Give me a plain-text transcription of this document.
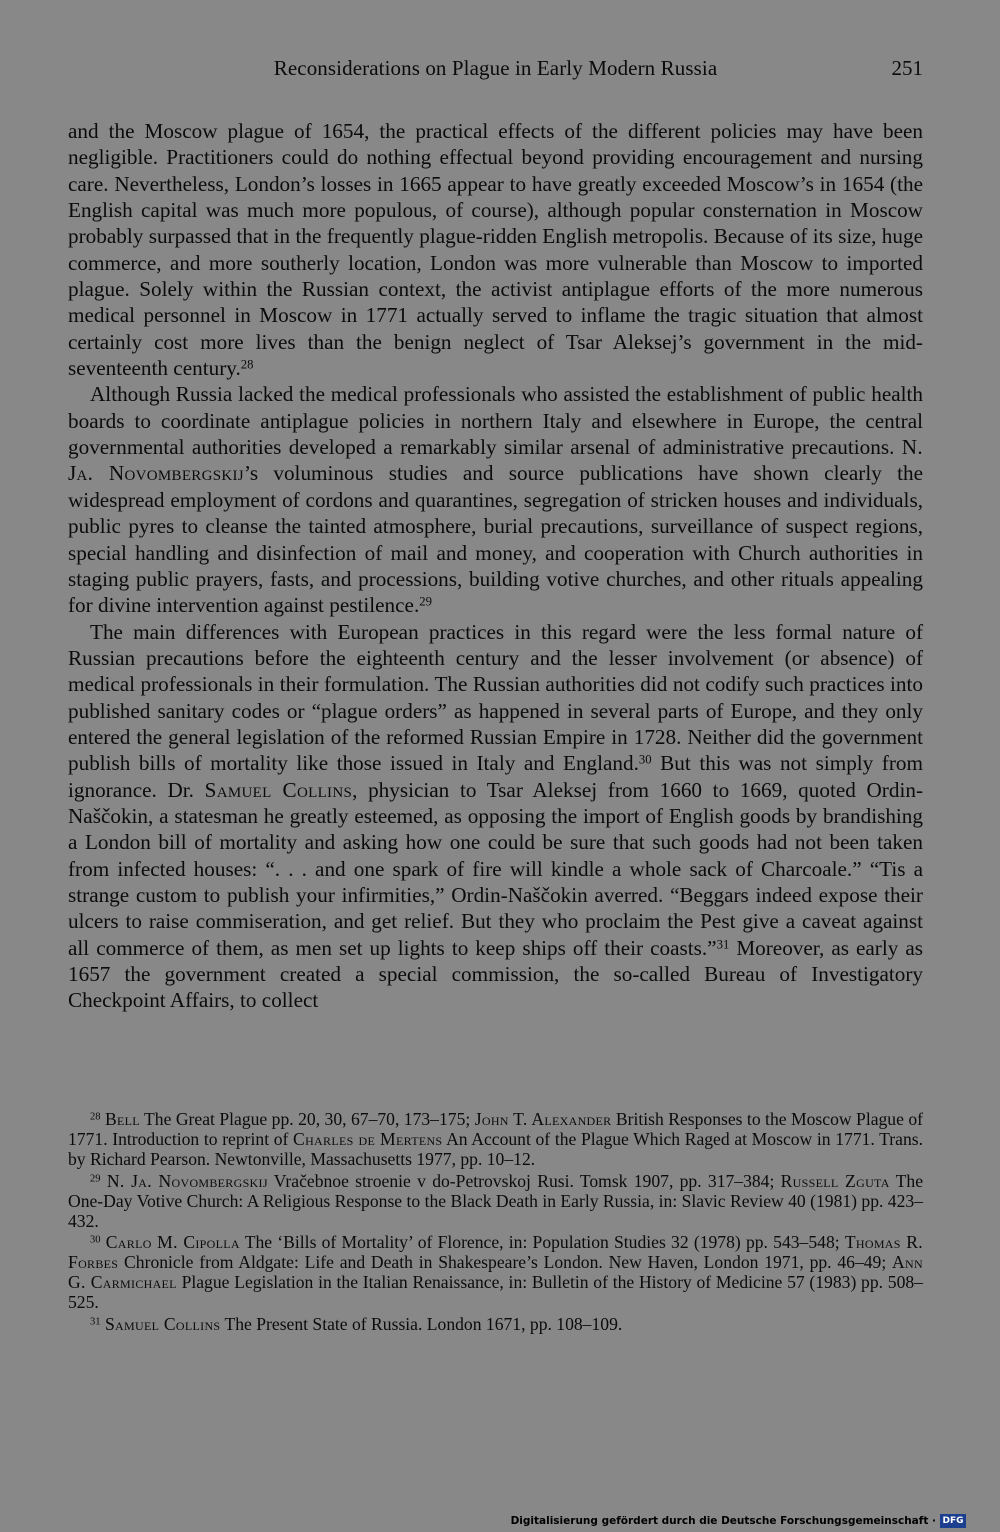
Reconsiderations on Plague in Early Modern Russia	251

and the Moscow plague of 1654, the practical effects of the different policies may have been negligible. Practitioners could do nothing effectual beyond providing encouragement and nursing care. Nevertheless, London’s losses in 1665 appear to have greatly exceeded Moscow’s in 1654 (the English capital was much more populous, of course), although popular consternation in Moscow probably surpassed that in the frequently plague-ridden English metropolis. Because of its size, huge commerce, and more southerly location, London was more vulnerable than Moscow to imported plague. Solely within the Russian context, the activist antiplague efforts of the more numerous medical personnel in Moscow in 1771 actually served to inflame the tragic situation that almost certainly cost more lives than the benign neglect of Tsar Aleksej’s government in the mid-seventeenth century.$^{28}$

Although Russia lacked the medical professionals who assisted the establishment of public health boards to coordinate antiplague policies in northern Italy and elsewhere in Europe, the central governmental authorities developed a remarkably similar arsenal of administrative precautions. N. Ja. Novombergskij’s voluminous studies and source publications have shown clearly the widespread employment of cordons and quarantines, segregation of stricken houses and individuals, public pyres to cleanse the tainted atmosphere, burial precautions, surveillance of suspect regions, special handling and disinfection of mail and money, and cooperation with Church authorities in staging public prayers, fasts, and processions, building votive churches, and other rituals appealing for divine intervention against pestilence.$^{29}$

The main differences with European practices in this regard were the less formal nature of Russian precautions before the eighteenth century and the lesser involvement (or absence) of medical professionals in their formulation. The Russian authorities did not codify such practices into published sanitary codes or “plague orders” as happened in several parts of Europe, and they only entered the general legislation of the reformed Russian Empire in 1728. Neither did the government publish bills of mortality like those issued in Italy and England.$^{30}$ But this was not simply from ignorance. Dr. Samuel Collins, physician to Tsar Aleksej from 1660 to 1669, quoted Ordin-Naščokin, a statesman he greatly esteemed, as opposing the import of English goods by brandishing a London bill of mortality and asking how one could be sure that such goods had not been taken from infected houses: “. . . and one spark of fire will kindle a whole sack of Charcoale.” “Tis a strange custom to publish your infirmities,” Ordin-Naščokin averred. “Beggars indeed expose their ulcers to raise commiseration, and get relief. But they who proclaim the Pest give a caveat against all commerce of them, as men set up lights to keep ships off their coasts.”$^{31}$ Moreover, as early as 1657 the government created a special commission, the so-called Bureau of Investigatory Checkpoint Affairs, to collect

$^{28}$ Bell The Great Plague pp. 20, 30, 67–70, 173–175; John T. Alexander British Responses to the Moscow Plague of 1771. Introduction to reprint of Charles de Mertens An Account of the Plague Which Raged at Moscow in 1771. Trans. by Richard Pearson. Newtonville, Massachusetts 1977, pp. 10–12.

$^{29}$ N. Ja. Novombergskij Vračebnoe stroenie v do-Petrovskoj Rusi. Tomsk 1907, pp. 317–384; Russell Zguta The One-Day Votive Church: A Religious Response to the Black Death in Early Russia, in: Slavic Review 40 (1981) pp. 423–432.

$^{30}$ Carlo M. Cipolla The ‘Bills of Mortality’ of Florence, in: Population Studies 32 (1978) pp. 543–548; Thomas R. Forbes Chronicle from Aldgate: Life and Death in Shakespeare’s London. New Haven, London 1971, pp. 46–49; Ann G. Carmichael Plague Legislation in the Italian Renaissance, in: Bulletin of the History of Medicine 57 (1983) pp. 508–525.

$^{31}$ Samuel Collins The Present State of Russia. London 1671, pp. 108–109.

Digitalisierung gefördert durch die Deutsche Forschungsgemeinschaft · DFG
